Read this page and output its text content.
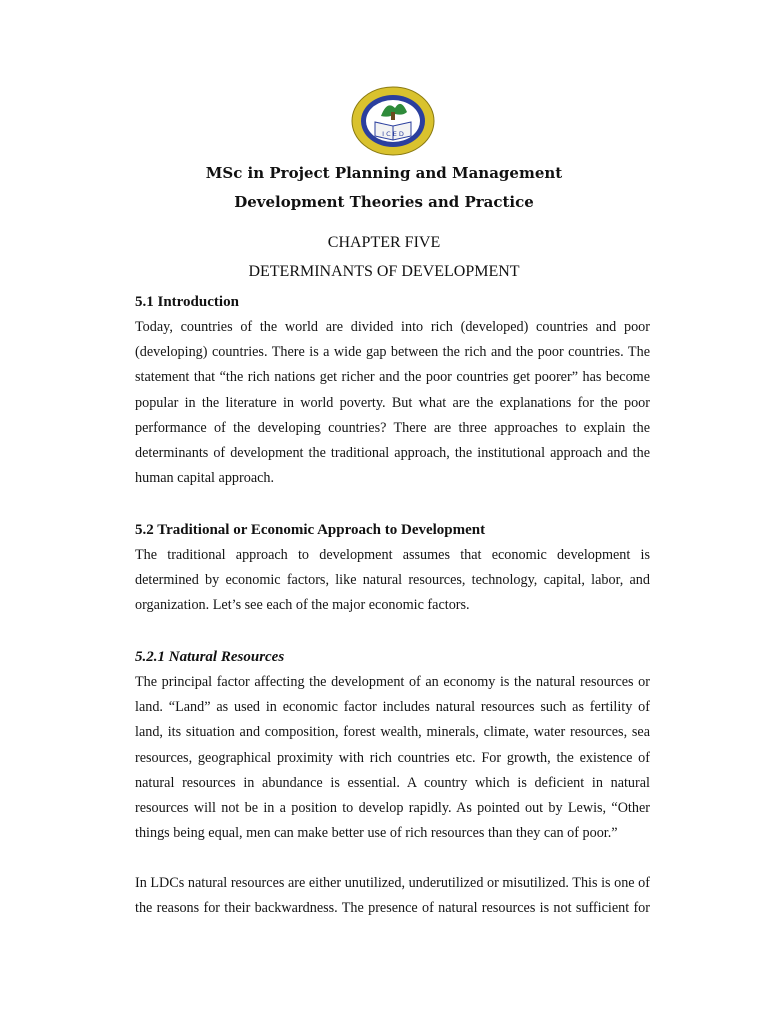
I C E D
MSc in Project Planning and Management
Development Theories and Practice
CHAPTER FIVE
DETERMINANTS OF DEVELOPMENT
5.1 Introduction
Today, countries of the world are divided into rich (developed) countries and poor
(developing) countries. There is a wide gap between the rich and the poor countries. The
statement that “the rich nations get richer and the poor countries get poorer” has become
popular in the literature in world poverty. But what are the explanations for the poor
performance of the developing countries? There are three approaches to explain the
determinants of development the traditional approach, the institutional approach and the
human capital approach.
5.2 Traditional or Economic Approach to Development
The traditional approach to development assumes that economic development is
determined by economic factors, like natural resources, technology, capital, labor, and
organization. Let’s see each of the major economic factors.
5.2.1 Natural Resources
The principal factor affecting the development of an economy is the natural resources or
land. “Land” as used in economic factor includes natural resources such as fertility of
land, its situation and composition, forest wealth, minerals, climate, water resources, sea
resources, geographical proximity with rich countries etc. For growth, the existence of
natural resources in abundance is essential. A country which is deficient in natural
resources will not be in a position to develop rapidly. As pointed out by Lewis, “Other
things being equal, men can make better use of rich resources than they can of poor.”
In LDCs natural resources are either unutilized, underutilized or misutilized. This is one of
the reasons for their backwardness. The presence of natural resources is not sufficient for
